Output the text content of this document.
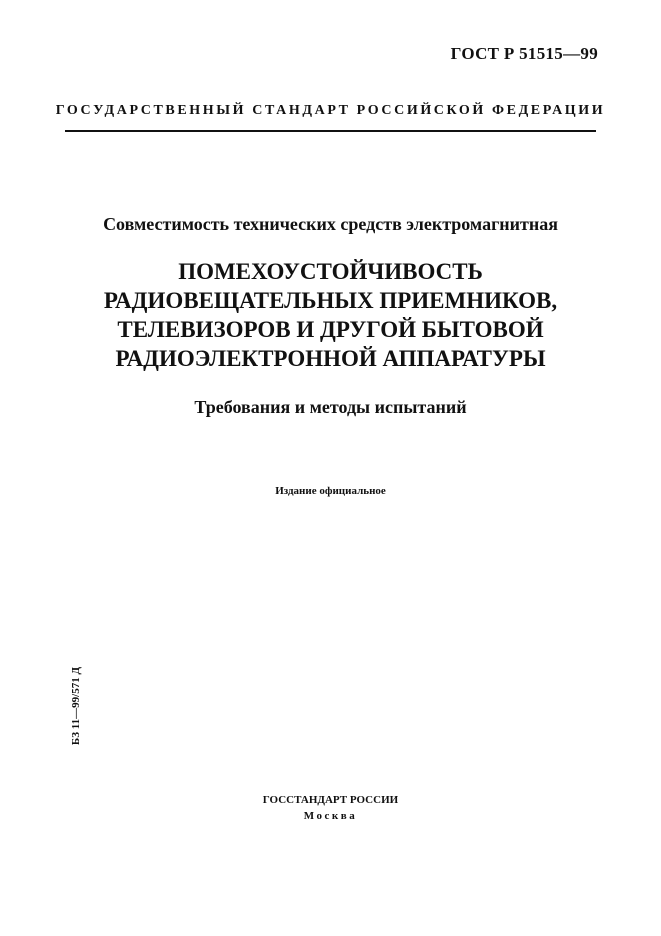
ГОСТ Р 51515—99
ГОСУДАРСТВЕННЫЙ СТАНДАРТ РОССИЙСКОЙ ФЕДЕРАЦИИ
Совместимость технических средств электромагнитная
ПОМЕХОУСТОЙЧИВОСТЬ
РАДИОВЕЩАТЕЛЬНЫХ ПРИЕМНИКОВ,
ТЕЛЕВИЗОРОВ И ДРУГОЙ БЫТОВОЙ
РАДИОЭЛЕКТРОННОЙ АППАРАТУРЫ
Требования и методы испытаний
Издание официальное
БЗ 11—99/571 Д
ГОССТАНДАРТ РОССИИ
Москва
